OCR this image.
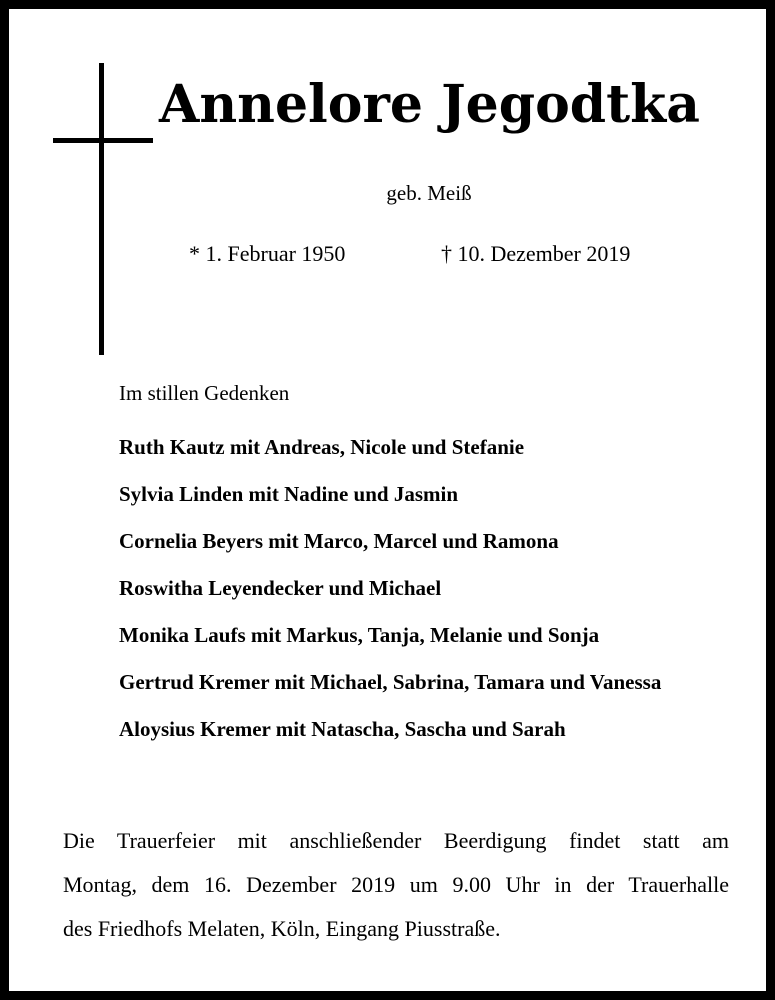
Annelore Jegodtka
geb. Meiß
* 1. Februar 1950	† 10. Dezember 2019
Im stillen Gedenken
Ruth Kautz mit Andreas, Nicole und Stefanie
Sylvia Linden mit Nadine und Jasmin
Cornelia Beyers mit Marco, Marcel und Ramona
Roswitha Leyendecker und Michael
Monika Laufs mit Markus, Tanja, Melanie und Sonja
Gertrud Kremer mit Michael, Sabrina, Tamara und Vanessa
Aloysius Kremer mit Natascha, Sascha und Sarah
Die Trauerfeier mit anschließender Beerdigung findet statt am
Montag, dem 16. Dezember 2019 um 9.00 Uhr in der Trauerhalle
des Friedhofs Melaten, Köln, Eingang Piusstraße.
